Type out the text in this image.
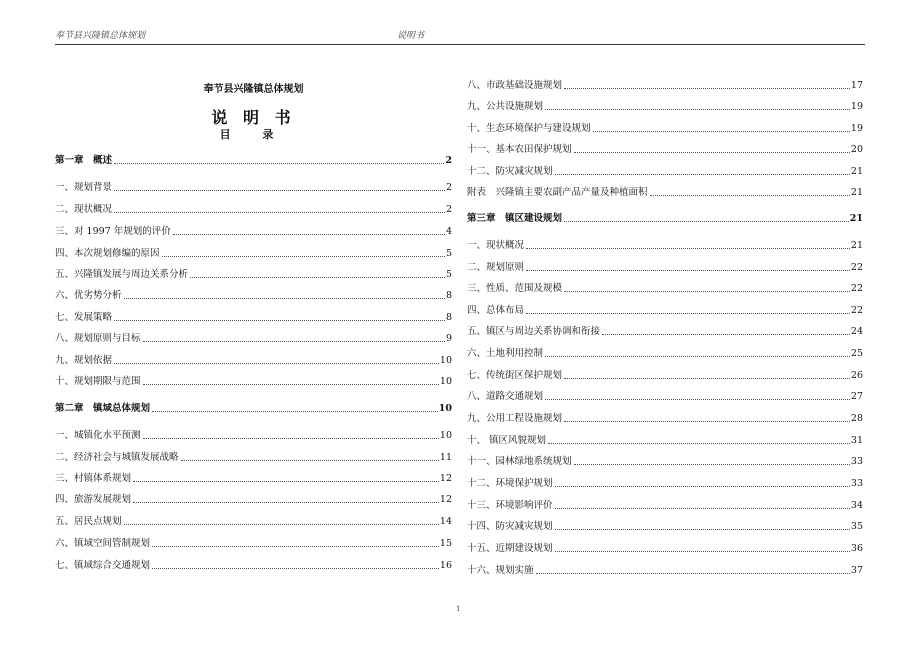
奉节县兴隆镇总体规划	说明书
奉节县兴隆镇总体规划
说 明 书
目 录
第一章　概述	2
一、规划背景	2
二、现状概况	2
三、对 1997 年规划的评价	4
四、本次规划修编的原因	5
五、兴隆镇发展与周边关系分析	5
六、优劣势分析	8
七、发展策略	8
八、规划原则与目标	9
九、规划依据	10
十、规划期限与范围	10
第二章　镇域总体规划	10
一、城镇化水平预测	10
二、经济社会与城镇发展战略	11
三、村镇体系规划	12
四、旅游发展规划	12
五、居民点规划	14
六、镇域空间管制规划	15
七、镇域综合交通规划	16
八、市政基础设施规划	17
九、公共设施规划	19
十、生态环境保护与建设规划	19
十一、基本农田保护规划	20
十二、防灾减灾规划	21
附表　兴隆镇主要农副产品产量及种植面积	21
第三章　镇区建设规划	21
一、现状概况	21
二、规划原则	22
三、性质、范围及规模	22
四、总体布局	22
五、镇区与周边关系协调和衔接	24
六、土地利用控制	25
七、传统街区保护规划	26
八、道路交通规划	27
九、公用工程设施规划	28
十、 镇区风貌规划	31
十一、园林绿地系统规划	33
十二、环境保护规划	33
十三、环境影响评价	34
十四、防灾减灾规划	35
十五、近期建设规划	36
十六、规划实施	37
1
